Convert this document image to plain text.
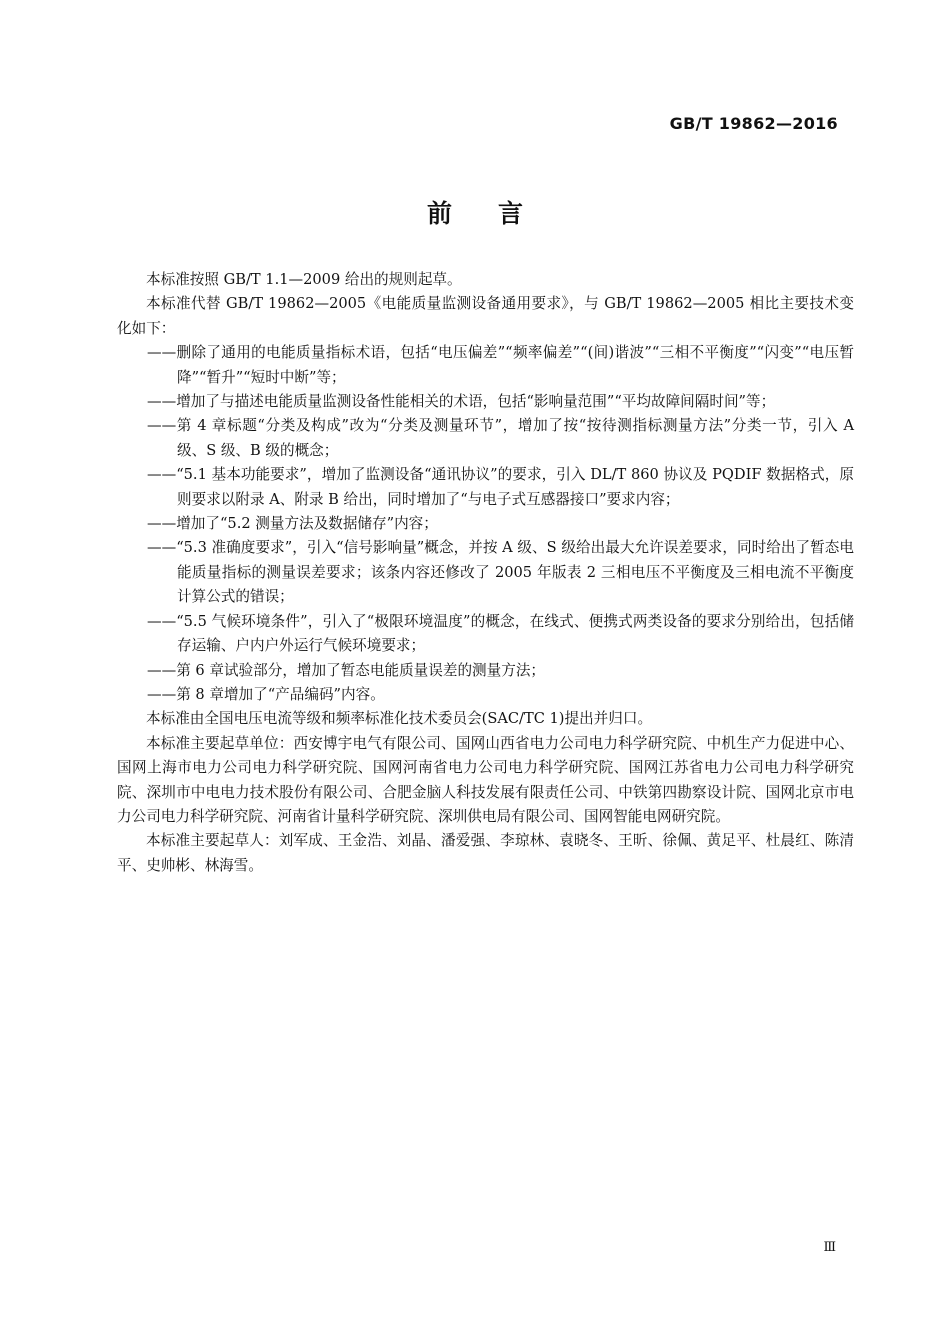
GB/T 19862—2016
前言

本标准按照 GB/T 1.1—2009 给出的规则起草。

本标准代替 GB/T 19862—2005《电能质量监测设备通用要求》，与 GB/T 19862—2005 相比主要技术变化如下：

——删除了通用的电能质量指标术语，包括“电压偏差”“频率偏差”“(间)谐波”“三相不平衡度”“闪变”“电压暂降”“暂升”“短时中断”等；

——增加了与描述电能质量监测设备性能相关的术语，包括“影响量范围”“平均故障间隔时间”等；

——第 4 章标题“分类及构成”改为“分类及测量环节”，增加了按“按待测指标测量方法”分类一节，引入 A 级、S 级、B 级的概念；

——“5.1 基本功能要求”，增加了监测设备“通讯协议”的要求，引入 DL/T 860 协议及 PQDIF 数据格式，原则要求以附录 A、附录 B 给出，同时增加了“与电子式互感器接口”要求内容；

——增加了“5.2 测量方法及数据储存”内容；

——“5.3 准确度要求”，引入“信号影响量”概念，并按 A 级、S 级给出最大允许误差要求，同时给出了暂态电能质量指标的测量误差要求；该条内容还修改了 2005 年版表 2 三相电压不平衡度及三相电流不平衡度计算公式的错误；

——“5.5 气候环境条件”，引入了“极限环境温度”的概念，在线式、便携式两类设备的要求分别给出，包括储存运输、户内户外运行气候环境要求；

——第 6 章试验部分，增加了暂态电能质量误差的测量方法；

——第 8 章增加了“产品编码”内容。

本标准由全国电压电流等级和频率标准化技术委员会(SAC/TC 1)提出并归口。

本标准主要起草单位：西安博宇电气有限公司、国网山西省电力公司电力科学研究院、中机生产力促进中心、国网上海市电力公司电力科学研究院、国网河南省电力公司电力科学研究院、国网江苏省电力公司电力科学研究院、深圳市中电电力技术股份有限公司、合肥金脑人科技发展有限责任公司、中铁第四勘察设计院、国网北京市电力公司电力科学研究院、河南省计量科学研究院、深圳供电局有限公司、国网智能电网研究院。

本标准主要起草人：刘军成、王金浩、刘晶、潘爱强、李琼林、袁晓冬、王昕、徐佩、黄足平、杜晨红、陈清平、史帅彬、林海雪。

Ⅲ
